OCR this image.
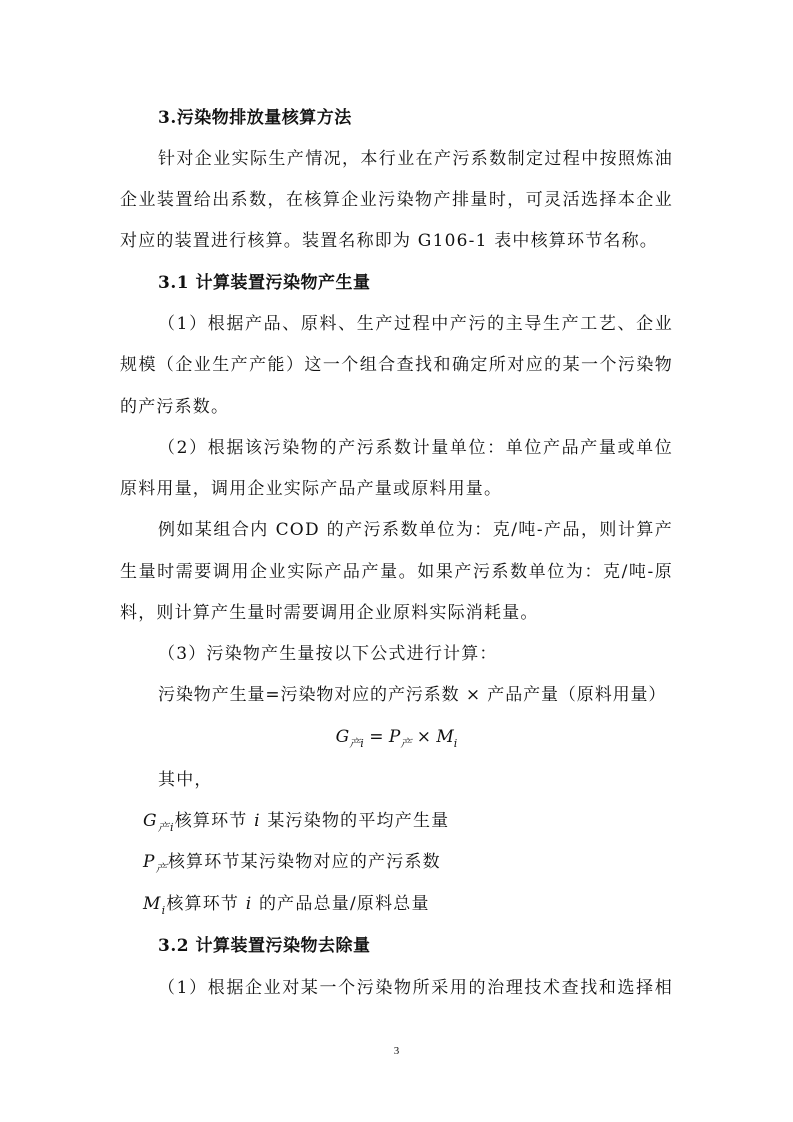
3.污染物排放量核算方法
针对企业实际生产情况，本行业在产污系数制定过程中按照炼油
企业装置给出系数，在核算企业污染物产排量时，可灵活选择本企业
对应的装置进行核算。装置名称即为 G106-1 表中核算环节名称。
3.1 计算装置污染物产生量
（1）根据产品、原料、生产过程中产污的主导生产工艺、企业
规模（企业生产产能）这一个组合查找和确定所对应的某一个污染物
的产污系数。
（2）根据该污染物的产污系数计量单位：单位产品产量或单位
原料用量，调用企业实际产品产量或原料用量。
例如某组合内 COD 的产污系数单位为：克/吨-产品，则计算产
生量时需要调用企业实际产品产量。如果产污系数单位为：克/吨-原
料，则计算产生量时需要调用企业原料实际消耗量。
（3）污染物产生量按以下公式进行计算：
污染物产生量=污染物对应的产污系数 × 产品产量（原料用量）
$G_{产i} = P_产 \times M_i$
其中，
$G_{产i}$核算环节 i 某污染物的平均产生量
$P_产$核算环节某污染物对应的产污系数
$M_i$核算环节 i 的产品总量/原料总量
3.2 计算装置污染物去除量
（1）根据企业对某一个污染物所采用的治理技术查找和选择相
3
